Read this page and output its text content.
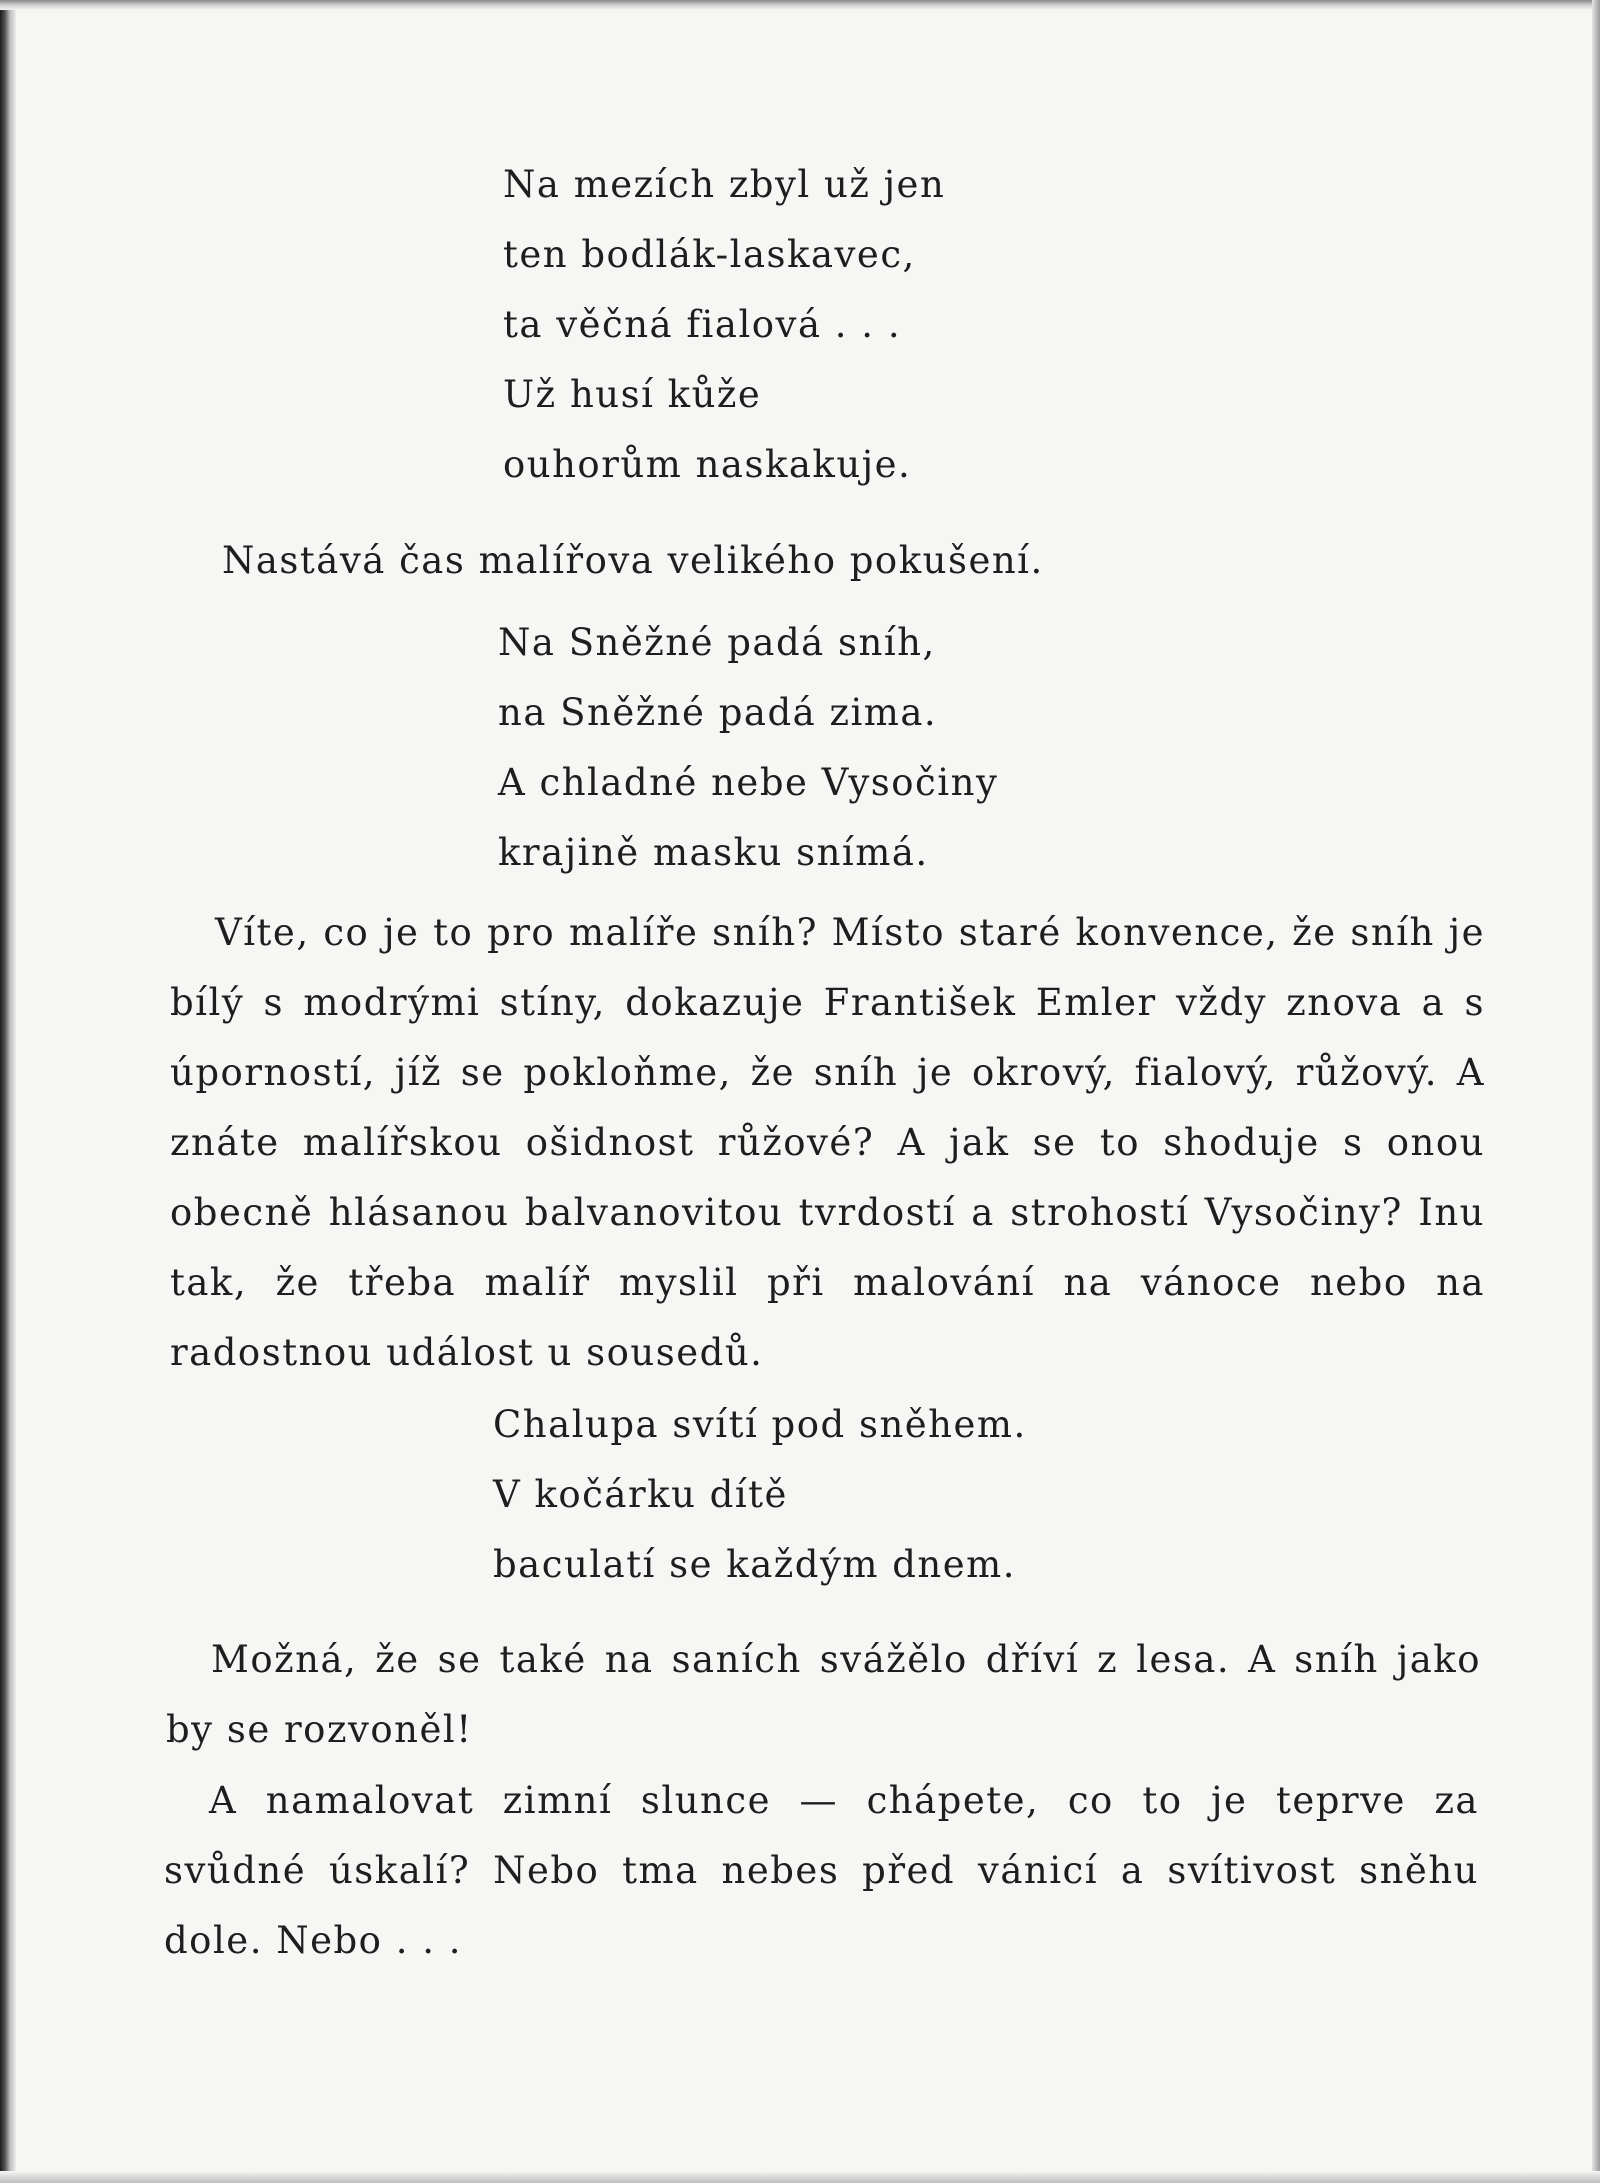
Na mezích zbyl už jen
ten bodlák-laskavec,
ta věčná fialová . . .
Už husí kůže
ouhorům naskakuje.
Nastává čas malířova velikého pokušení.
Na Sněžné padá sníh,
na Sněžné padá zima.
A chladné nebe Vysočiny
krajině masku snímá.

Víte, co je to pro malíře sníh? Místo staré konvence, že sníh je bílý s modrými stíny, dokazuje František Emler vždy znova a s úporností, jíž se pokloňme, že sníh je okrový, fialový, růžový. A znáte malířskou ošidnost růžové? A jak se to shoduje s onou obecně hlásanou balvanovitou tvrdostí a strohostí Vysočiny? Inu tak, že třeba malíř myslil při malování na vánoce nebo na radostnou událost u sousedů.

Chalupa svítí pod sněhem.
V kočárku dítě
baculatí se každým dnem.

Možná, že se také na saních svážělo dříví z lesa. A sníh jako by se rozvoněl!

A namalovat zimní slunce — chápete, co to je teprve za svůdné úskalí? Nebo tma nebes před vánicí a svítivost sněhu dole. Nebo . . .
